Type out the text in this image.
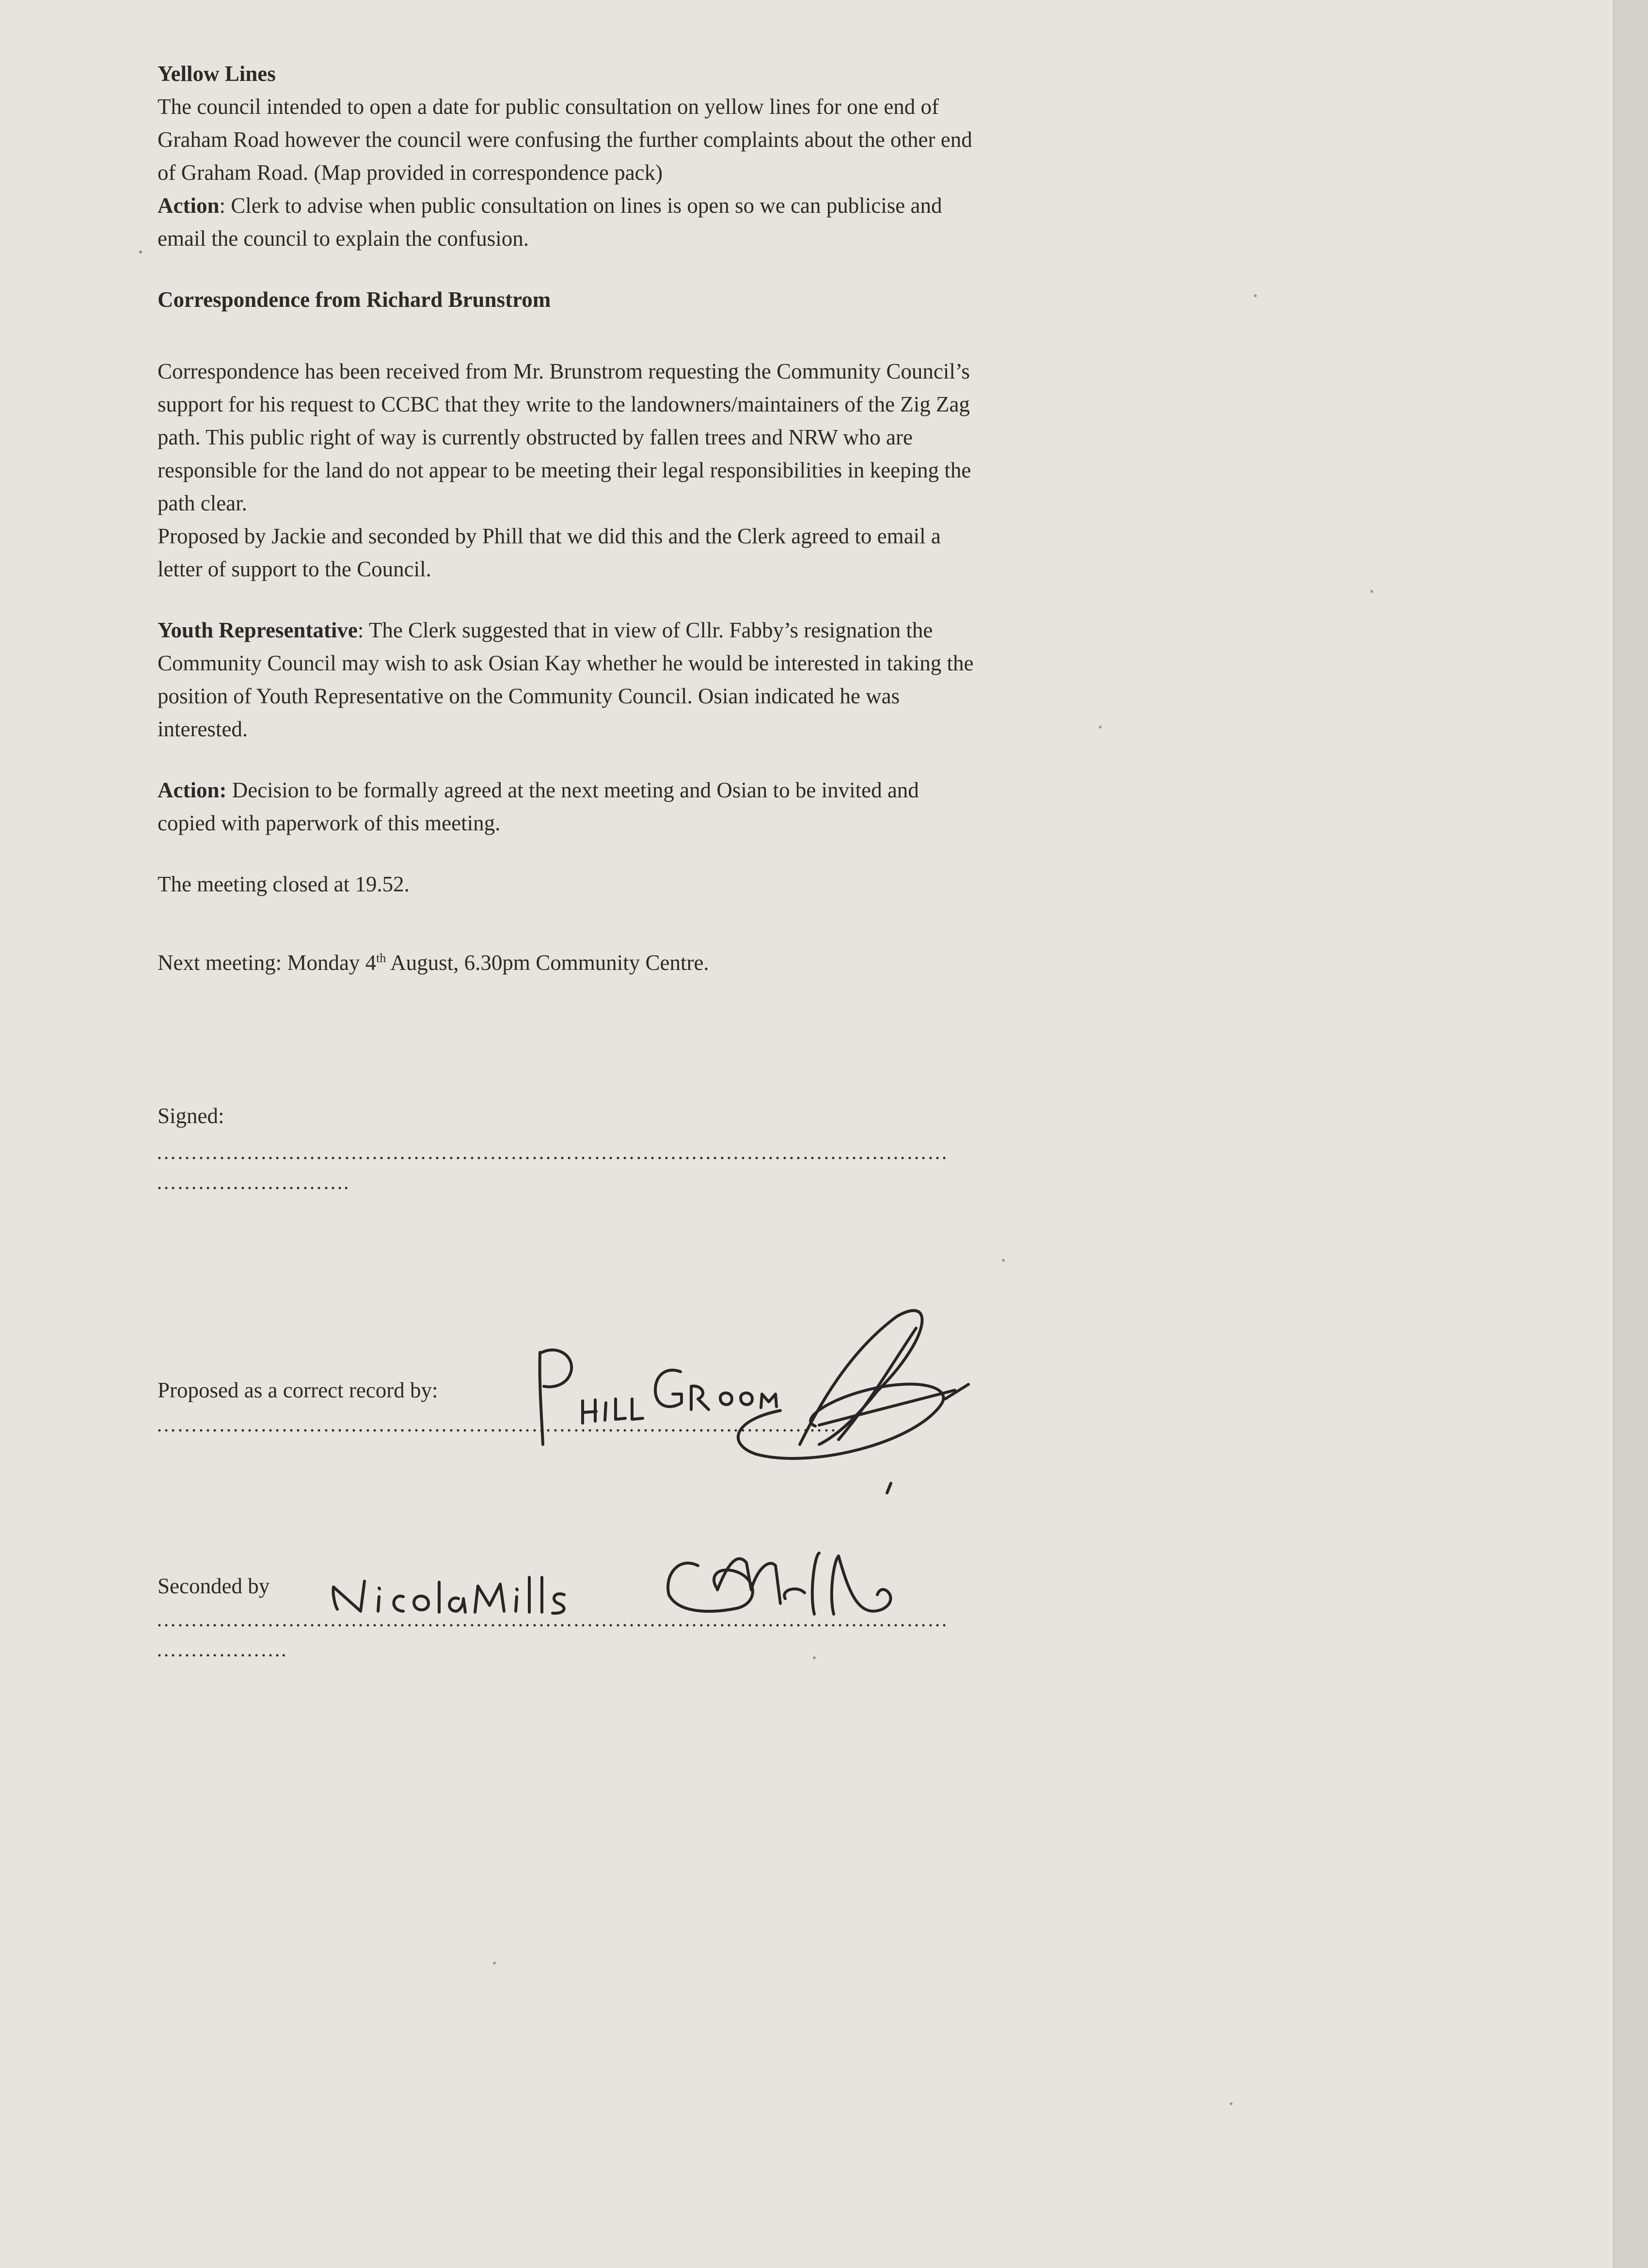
Yellow Lines

The council intended to open a date for public consultation on yellow lines for one end of

Graham Road however the council were confusing the further complaints about the other end

of Graham Road. (Map provided in correspondence pack)

Action: Clerk to advise when public consultation on lines is open so we can publicise and

email the council to explain the confusion.

Correspondence from Richard Brunstrom

Correspondence has been received from Mr. Brunstrom requesting the Community Council’s

support for his request to CCBC that they write to the landowners/maintainers of the Zig Zag

path. This public right of way is currently obstructed by fallen trees and NRW who are

responsible for the land do not appear to be meeting their legal responsibilities in keeping the

path clear.

Proposed by Jackie and seconded by Phill that we did this and the Clerk agreed to email a

letter of support to the Council.

Youth Representative: The Clerk suggested that in view of Cllr. Fabby’s resignation the

Community Council may wish to ask Osian Kay whether he would be interested in taking the

position of Youth Representative on the Community Council. Osian indicated he was

interested.

Action: Decision to be formally agreed at the next meeting and Osian to be invited and

copied with paperwork of this meeting.

The meeting closed at 19.52.

Next meeting: Monday 4th August, 6.30pm Community Centre.

Signed:

……………………………………………………………………………………………………
……………………….
Proposed as a correct record by:
………………………………………………………………………………………
Seconded by
……………………………………………………………………………………………………
……………….
